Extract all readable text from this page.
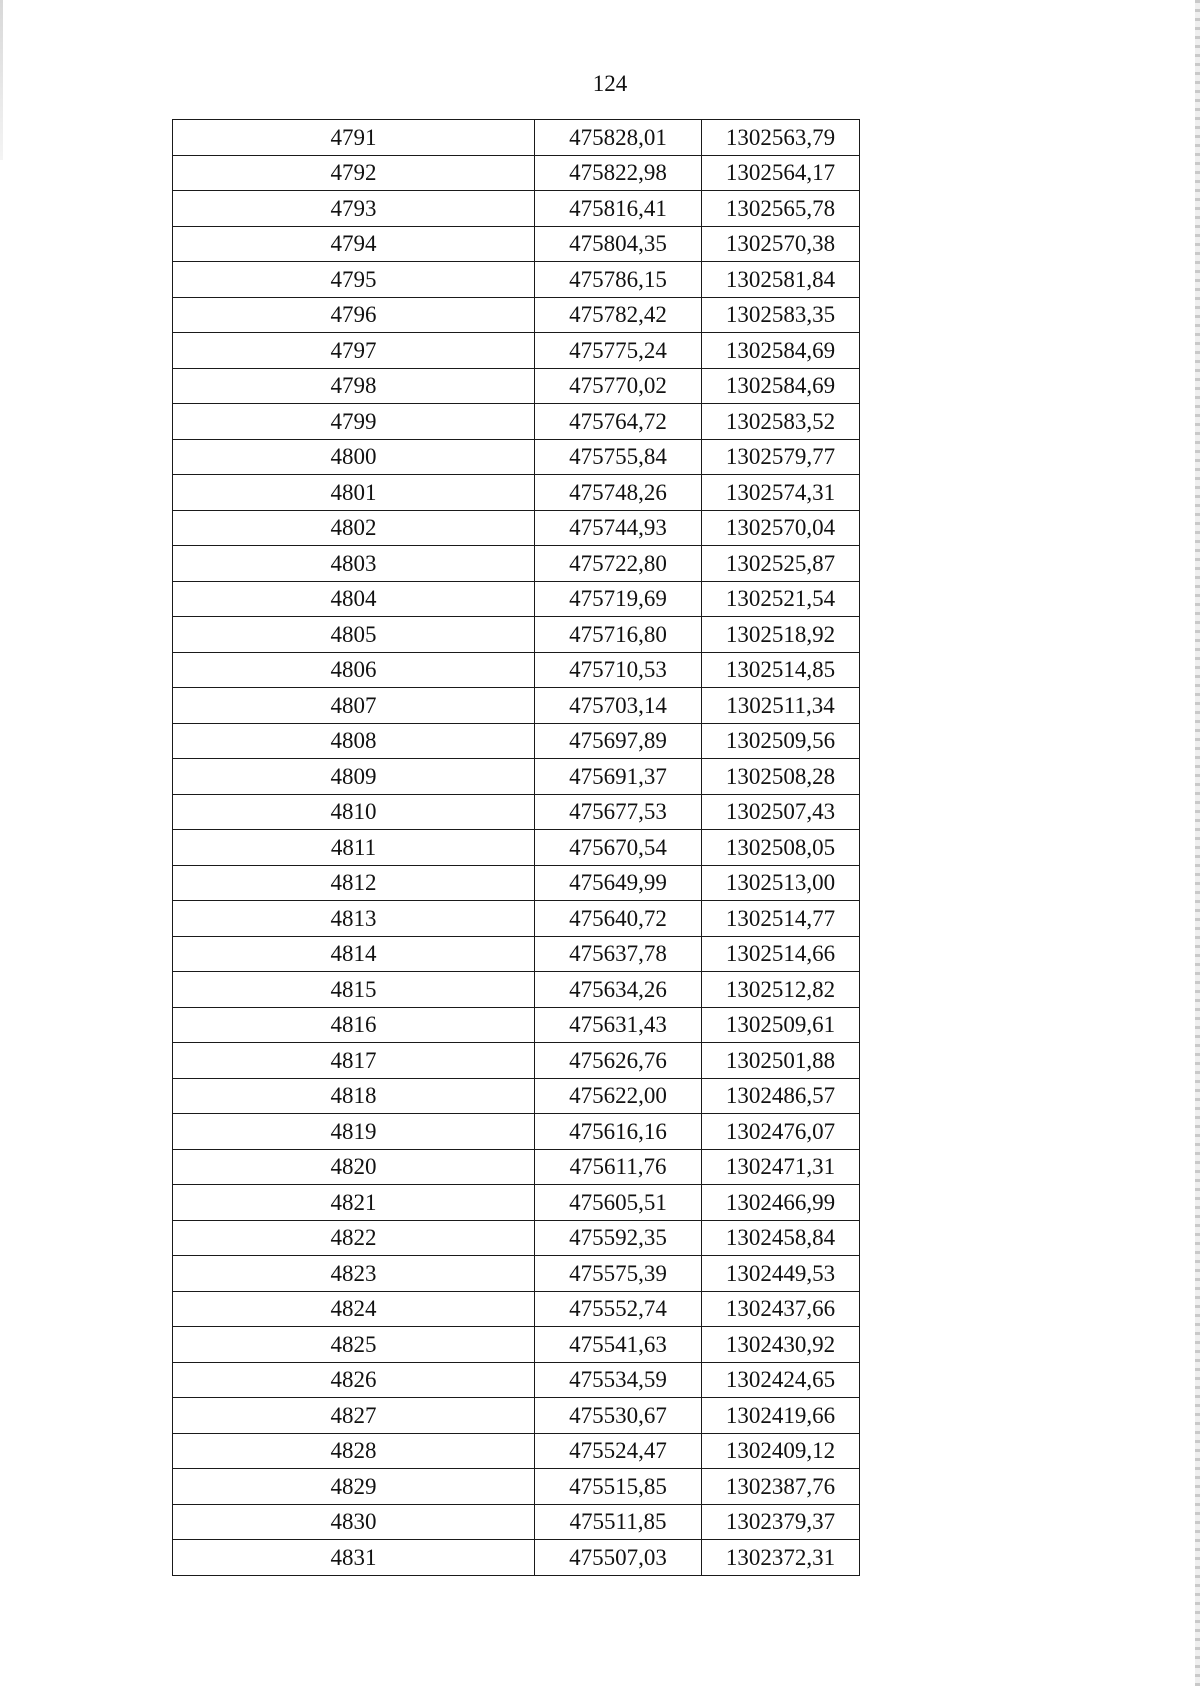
124
4791	475828,01	1302563,79
4792	475822,98	1302564,17
4793	475816,41	1302565,78
4794	475804,35	1302570,38
4795	475786,15	1302581,84
4796	475782,42	1302583,35
4797	475775,24	1302584,69
4798	475770,02	1302584,69
4799	475764,72	1302583,52
4800	475755,84	1302579,77
4801	475748,26	1302574,31
4802	475744,93	1302570,04
4803	475722,80	1302525,87
4804	475719,69	1302521,54
4805	475716,80	1302518,92
4806	475710,53	1302514,85
4807	475703,14	1302511,34
4808	475697,89	1302509,56
4809	475691,37	1302508,28
4810	475677,53	1302507,43
4811	475670,54	1302508,05
4812	475649,99	1302513,00
4813	475640,72	1302514,77
4814	475637,78	1302514,66
4815	475634,26	1302512,82
4816	475631,43	1302509,61
4817	475626,76	1302501,88
4818	475622,00	1302486,57
4819	475616,16	1302476,07
4820	475611,76	1302471,31
4821	475605,51	1302466,99
4822	475592,35	1302458,84
4823	475575,39	1302449,53
4824	475552,74	1302437,66
4825	475541,63	1302430,92
4826	475534,59	1302424,65
4827	475530,67	1302419,66
4828	475524,47	1302409,12
4829	475515,85	1302387,76
4830	475511,85	1302379,37
4831	475507,03	1302372,31
